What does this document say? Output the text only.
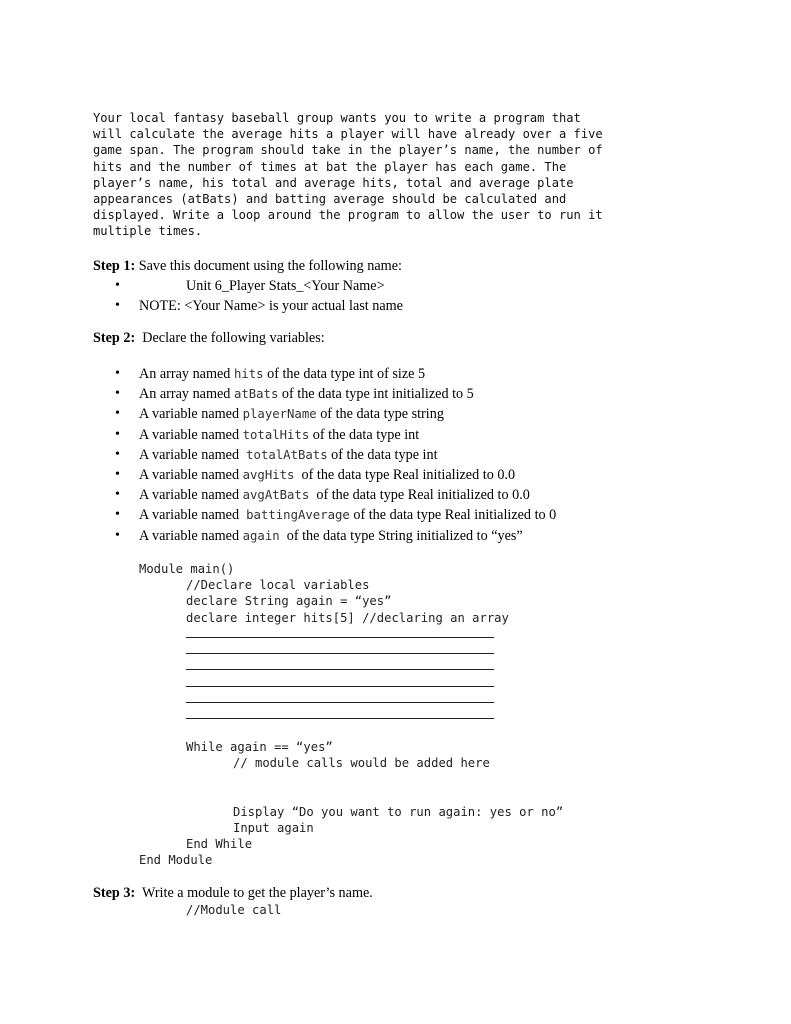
Your local fantasy baseball group wants you to write a program that
will calculate the average hits a player will have already over a five
game span. The program should take in the player’s name, the number of
hits and the number of times at bat the player has each game. The
player’s name, his total and average hits, total and average plate
appearances (atBats) and batting average should be calculated and
displayed. Write a loop around the program to allow the user to run it
multiple times.
Step 1: Save this document using the following name:
• Unit 6_Player Stats_<Your Name>
• NOTE: <Your Name> is your actual last name
Step 2:  Declare the following variables:
• An array named hits of the data type int of size 5
• An array named atBats of the data type int initialized to 5
• A variable named playerName of the data type string
• A variable named totalHits of the data type int
• A variable named  totalAtBats of the data type int
• A variable named avgHits  of the data type Real initialized to 0.0
• A variable named avgAtBats  of the data type Real initialized to 0.0
• A variable named  battingAverage of the data type Real initialized to 0
• A variable named again  of the data type String initialized to “yes”
Module main()
//Declare local variables
declare String again = “yes”
declare integer hits[5] //declaring an array
While again == “yes”
// module calls would be added here
Display “Do you want to run again: yes or no”
Input again
End While
End Module
Step 3:  Write a module to get the player’s name.
//Module call
